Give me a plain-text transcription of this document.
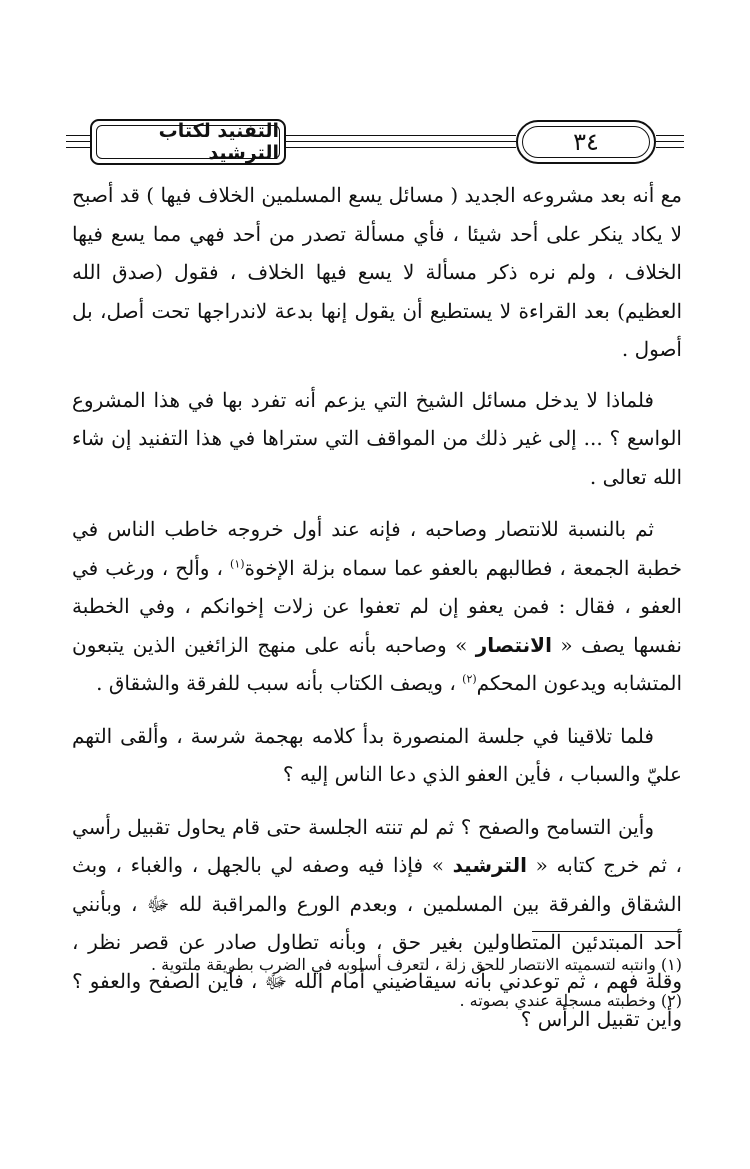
التفنيد لكتاب الترشيد	٣٤

مع أنه بعد مشروعه الجديد ( مسائل يسع المسلمين الخلاف فيها ) قد أصبح لا يكاد ينكر على أحد شيئا ، فأي مسألة تصدر من أحد فهي مما يسع فيها الخلاف ، ولم نره ذكر مسألة لا يسع فيها الخلاف ، فقول (صدق الله العظيم) بعد القراءة لا يستطيع أن يقول إنها بدعة لاندراجها تحت أصل، بل أصول .

فلماذا لا يدخل مسائل الشيخ التي يزعم أنه تفرد بها في هذا المشروع الواسع ؟ ... إلى غير ذلك من المواقف التي ستراها في هذا التفنيد إن شاء الله تعالى .

ثم بالنسبة للانتصار وصاحبه ، فإنه عند أول خروجه خاطب الناس في خطبة الجمعة ، فطالبهم بالعفو عما سماه بزلة الإخوة$^{(١)}$ ، وألح ، ورغب في العفو ، فقال : فمن يعفو إن لم تعفوا عن زلات إخوانكم ، وفي الخطبة نفسها يصف « الانتصار » وصاحبه بأنه على منهج الزائغين الذين يتبعون المتشابه ويدعون المحكم$^{(٢)}$ ، ويصف الكتاب بأنه سبب للفرقة والشقاق .

فلما تلاقينا في جلسة المنصورة بدأ كلامه بهجمة شرسة ، وألقى التهم عليّ والسباب ، فأين العفو الذي دعا الناس إليه ؟

وأين التسامح والصفح ؟ ثم لم تنته الجلسة حتى قام يحاول تقبيل رأسي ، ثم خرج كتابه « الترشيد » فإذا فيه وصفه لي بالجهل ، والغباء ، وبث الشقاق والفرقة بين المسلمين ، وبعدم الورع والمراقبة لله ﷻ ، وبأنني أحد المبتدئين المتطاولين بغير حق ، وبأنه تطاول صادر عن قصر نظر ، وقلة فهم ، ثم توعدني بأنه سيقاضيني أمام الله ﷻ ، فأين الصفح والعفو ؟ وأين تقبيل الرأس ؟

(١) وانتبه لتسميته الانتصار للحق زلة ، لتعرف أسلوبه في الضرب بطريقة ملتوية .
(٢) وخطبته مسجلة عندي بصوته .
